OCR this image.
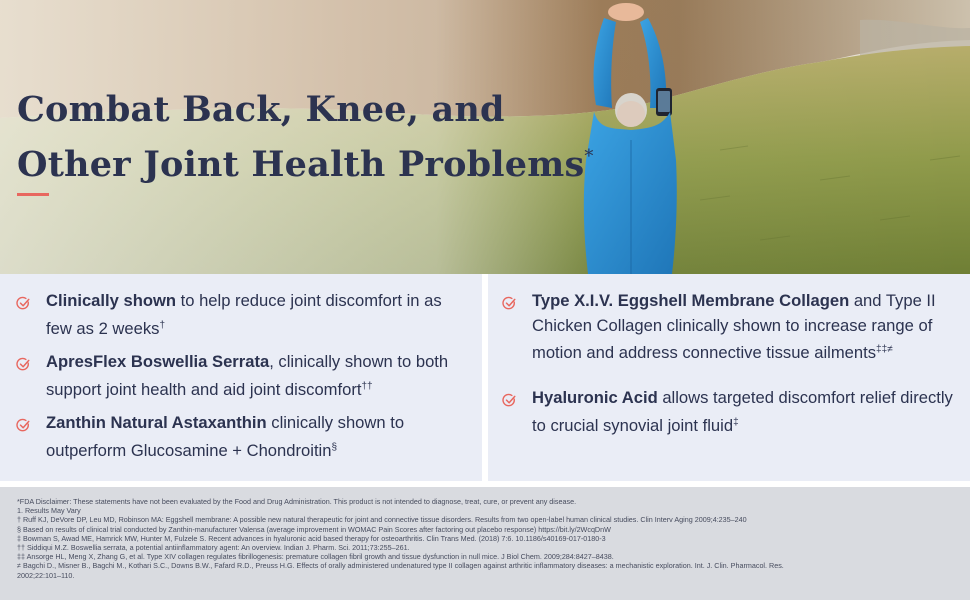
Combat Back, Knee, and
Other Joint Health Problems*

Clinically shown to help reduce joint discomfort in as few as 2 weeks†

ApresFlex Boswellia Serrata, clinically shown to both support joint health and aid joint discomfort††

Zanthin Natural Astaxanthin clinically shown to outperform Glucosamine + Chondroitin§

Type X.I.V. Eggshell Membrane Collagen and Type II Chicken Collagen clinically shown to increase range of motion and address connective tissue ailments‡‡≠

Hyaluronic Acid allows targeted discomfort relief directly to crucial synovial joint fluid‡

*FDA Disclaimer: These statements have not been evaluated by the Food and Drug Administration. This product is not intended to diagnose, treat, cure, or prevent any disease.
1. Results May Vary
† Ruff KJ, DeVore DP, Leu MD, Robinson MA: Eggshell membrane: A possible new natural therapeutic for joint and connective tissue disorders. Results from two open-label human clinical studies. Clin Interv Aging 2009;4:235–240
§ Based on results of clinical trial conducted by Zanthin-manufacturer Valensa (average improvement in WOMAC Pain Scores after factoring out placebo response) https://bit.ly/2WcqDnW
‡ Bowman S, Awad ME, Hamrick MW, Hunter M, Fulzele S. Recent advances in hyaluronic acid based therapy for osteoarthritis. Clin Trans Med. (2018) 7:6. 10.1186/s40169-017-0180-3
†† Siddiqui M.Z. Boswellia serrata, a potential antiinflammatory agent: An overview. Indian J. Pharm. Sci. 2011;73:255–261.
‡‡ Ansorge HL, Meng X, Zhang G, et al. Type XIV collagen regulates fibrillogenesis: premature collagen fibril growth and tissue dysfunction in null mice. J Biol Chem. 2009;284:8427–8438.
≠ Bagchi D., Misner B., Bagchi M., Kothari S.C., Downs B.W., Fafard R.D., Preuss H.G. Effects of orally administered undenatured type II collagen against arthritic inflammatory diseases: a mechanistic exploration. Int. J. Clin. Pharmacol. Res.
2002;22:101–110.
